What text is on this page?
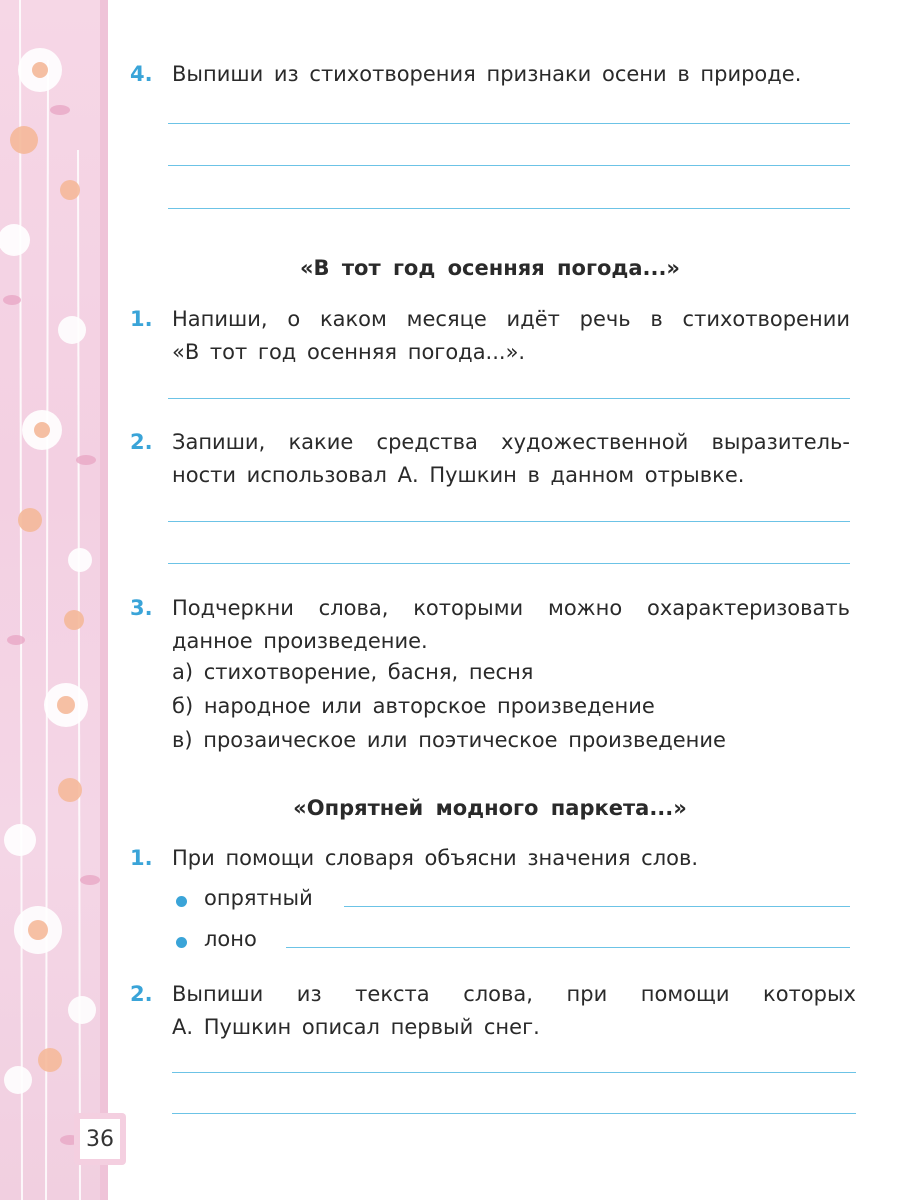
4. Выпиши из стихотворения признаки осени в природе.
«В тот год осенняя погода...»
1. Напиши, о каком месяце идёт речь в стихотворении
«В тот год осенняя погода...».
2. Запиши, какие средства художественной выразитель-
ности использовал А. Пушкин в данном отрывке.
3. Подчеркни слова, которыми можно охарактеризовать
данное произведение.
а) стихотворение, басня, песня
б) народное или авторское произведение
в) прозаическое или поэтическое произведение
«Опрятней модного паркета...»
1. При помощи словаря объясни значения слов.
опрятный
лоно
2. Выпиши из текста слова, при помощи которых
А. Пушкин описал первый снег.
36
